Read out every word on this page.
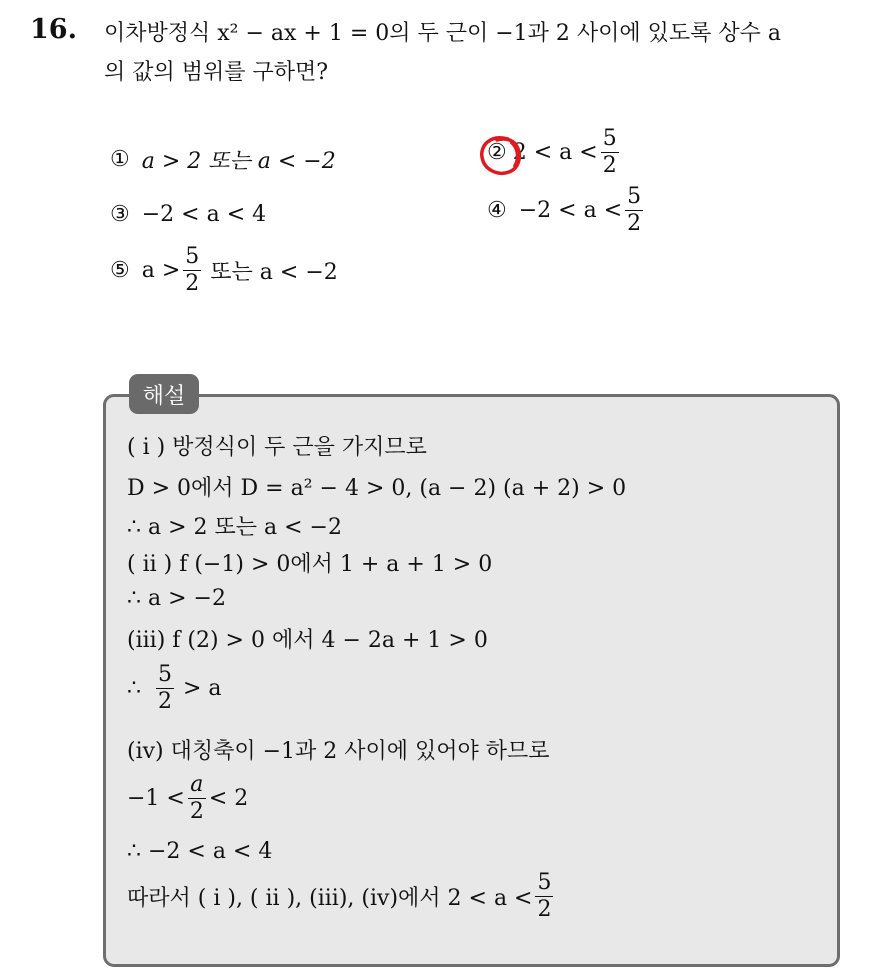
16. 이차방정식 x² − ax + 1 = 0의 두 근이 −1과 2 사이에 있도록 상수 a
의 값의 범위를 구하면?
① a > 2 또는 a < −2	② $2 < a < \frac{5}{2}$
③ −2 < a < 4	④ $-2 < a < \frac{5}{2}$
⑤ $a > \frac{5}{2}$ 또는 a < −2
해설
( i ) 방정식이 두 근을 가지므로
D > 0에서 D = a² − 4 > 0, (a − 2) (a + 2) > 0
∴ a > 2 또는 a < −2
( ii ) f (−1) > 0에서 1 + a + 1 > 0
∴ a > −2
(iii) f (2) > 0 에서 4 − 2a + 1 > 0
∴ $\frac{5}{2} > a$
(iv) 대칭축이 −1과 2 사이에 있어야 하므로
$-1 < \frac{a}{2} < 2$
∴ −2 < a < 4
따라서 ( i ), ( ii ), (iii), (iv)에서 $2 < a < \frac{5}{2}$
